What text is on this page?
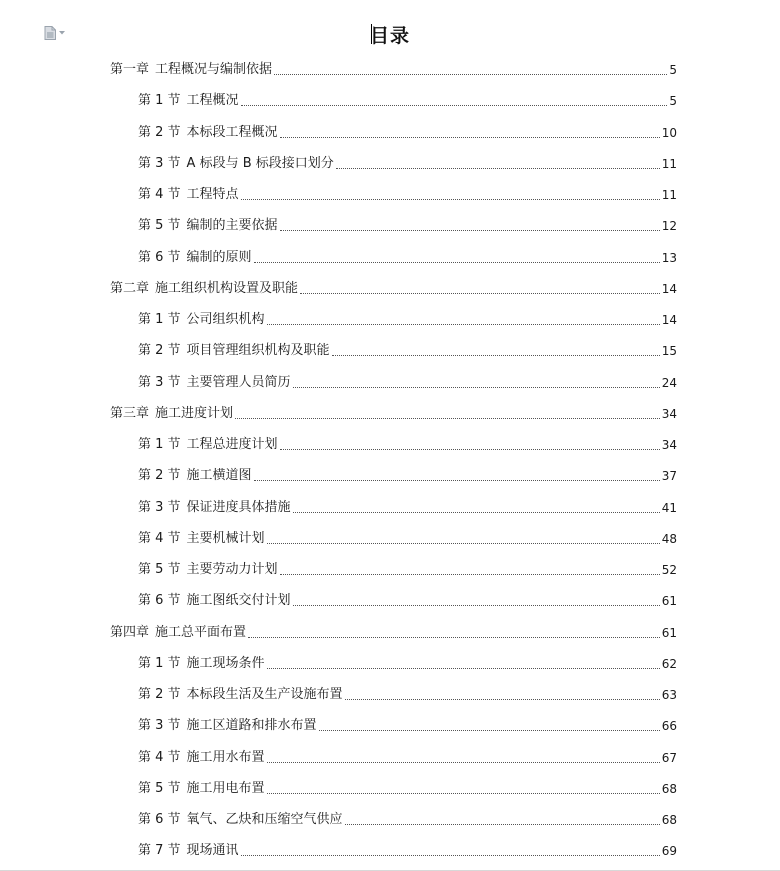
目录
第一章 工程概况与编制依据	5
第 1 节 工程概况	5
第 2 节 本标段工程概况	10
第 3 节 A 标段与 B 标段接口划分	11
第 4 节 工程特点	11
第 5 节 编制的主要依据	12
第 6 节 编制的原则	13
第二章 施工组织机构设置及职能	14
第 1 节 公司组织机构	14
第 2 节 项目管理组织机构及职能	15
第 3 节 主要管理人员简历	24
第三章 施工进度计划	34
第 1 节 工程总进度计划	34
第 2 节 施工横道图	37
第 3 节 保证进度具体措施	41
第 4 节 主要机械计划	48
第 5 节 主要劳动力计划	52
第 6 节 施工图纸交付计划	61
第四章 施工总平面布置	61
第 1 节 施工现场条件	62
第 2 节 本标段生活及生产设施布置	63
第 3 节 施工区道路和排水布置	66
第 4 节 施工用水布置	67
第 5 节 施工用电布置	68
第 6 节 氧气、乙炔和压缩空气供应	68
第 7 节 现场通讯	69
